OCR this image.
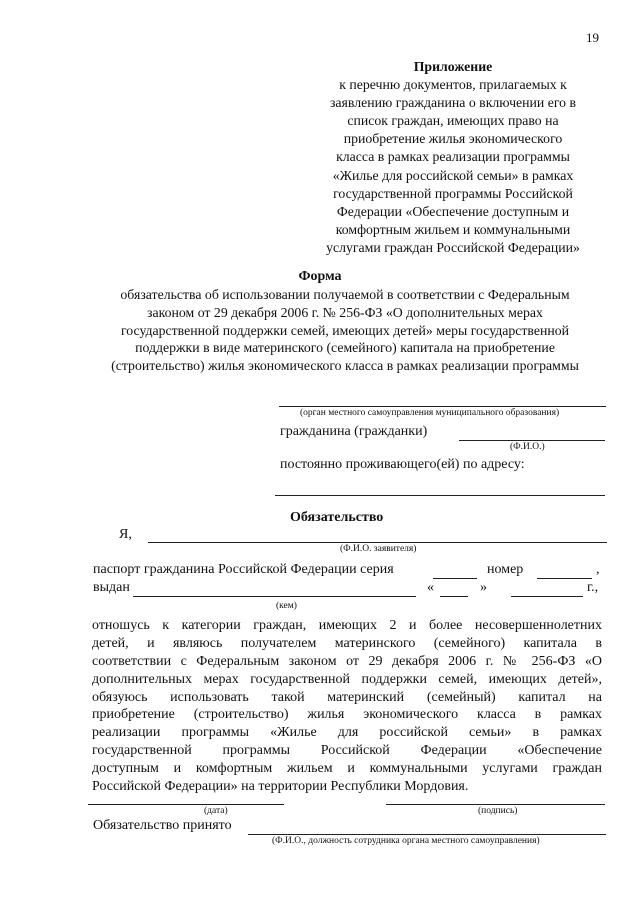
19
Приложение
к перечню документов, прилагаемых к
заявлению гражданина о включении его в
список граждан, имеющих право на
приобретение жилья экономического
класса в рамках реализации программы
«Жилье для российской семьи» в рамках
государственной программы Российской
Федерации «Обеспечение доступным и
комфортным жильем и коммунальными
услугами граждан Российской Федерации»
Форма
обязательства об использовании получаемой в соответствии с Федеральным
законом от 29 декабря 2006 г. № 256-ФЗ «О дополнительных мерах
государственной поддержки семей, имеющих детей» меры государственной
поддержки в виде материнского (семейного) капитала на приобретение
(строительство) жилья экономического класса в рамках реализации программы
(орган местного самоуправления муниципального образования)
гражданина (гражданки)
(Ф.И.О.)
постоянно проживающего(ей) по адресу:
Обязательство
Я,
(Ф.И.О. заявителя)
паспорт гражданина Российской Федерации серия	номер	,
выдан	«	»	г.,
(кем)
отношусь к категории граждан, имеющих 2 и более несовершеннолетних
детей, и являюсь получателем материнского (семейного) капитала в
соответствии с Федеральным законом от 29 декабря 2006 г. № 256-ФЗ «О
дополнительных мерах государственной поддержки семей, имеющих детей»,
обязуюсь использовать такой материнский (семейный) капитал на
приобретение (строительство) жилья экономического класса в рамках
реализации программы «Жилье для российской семьи» в рамках
государственной программы Российской Федерации «Обеспечение
доступным и комфортным жильем и коммунальными услугами граждан
Российской Федерации» на территории Республики Мордовия.
(дата)	(подпись)
Обязательство принято
(Ф.И.О., должность сотрудника органа местного самоуправления)
